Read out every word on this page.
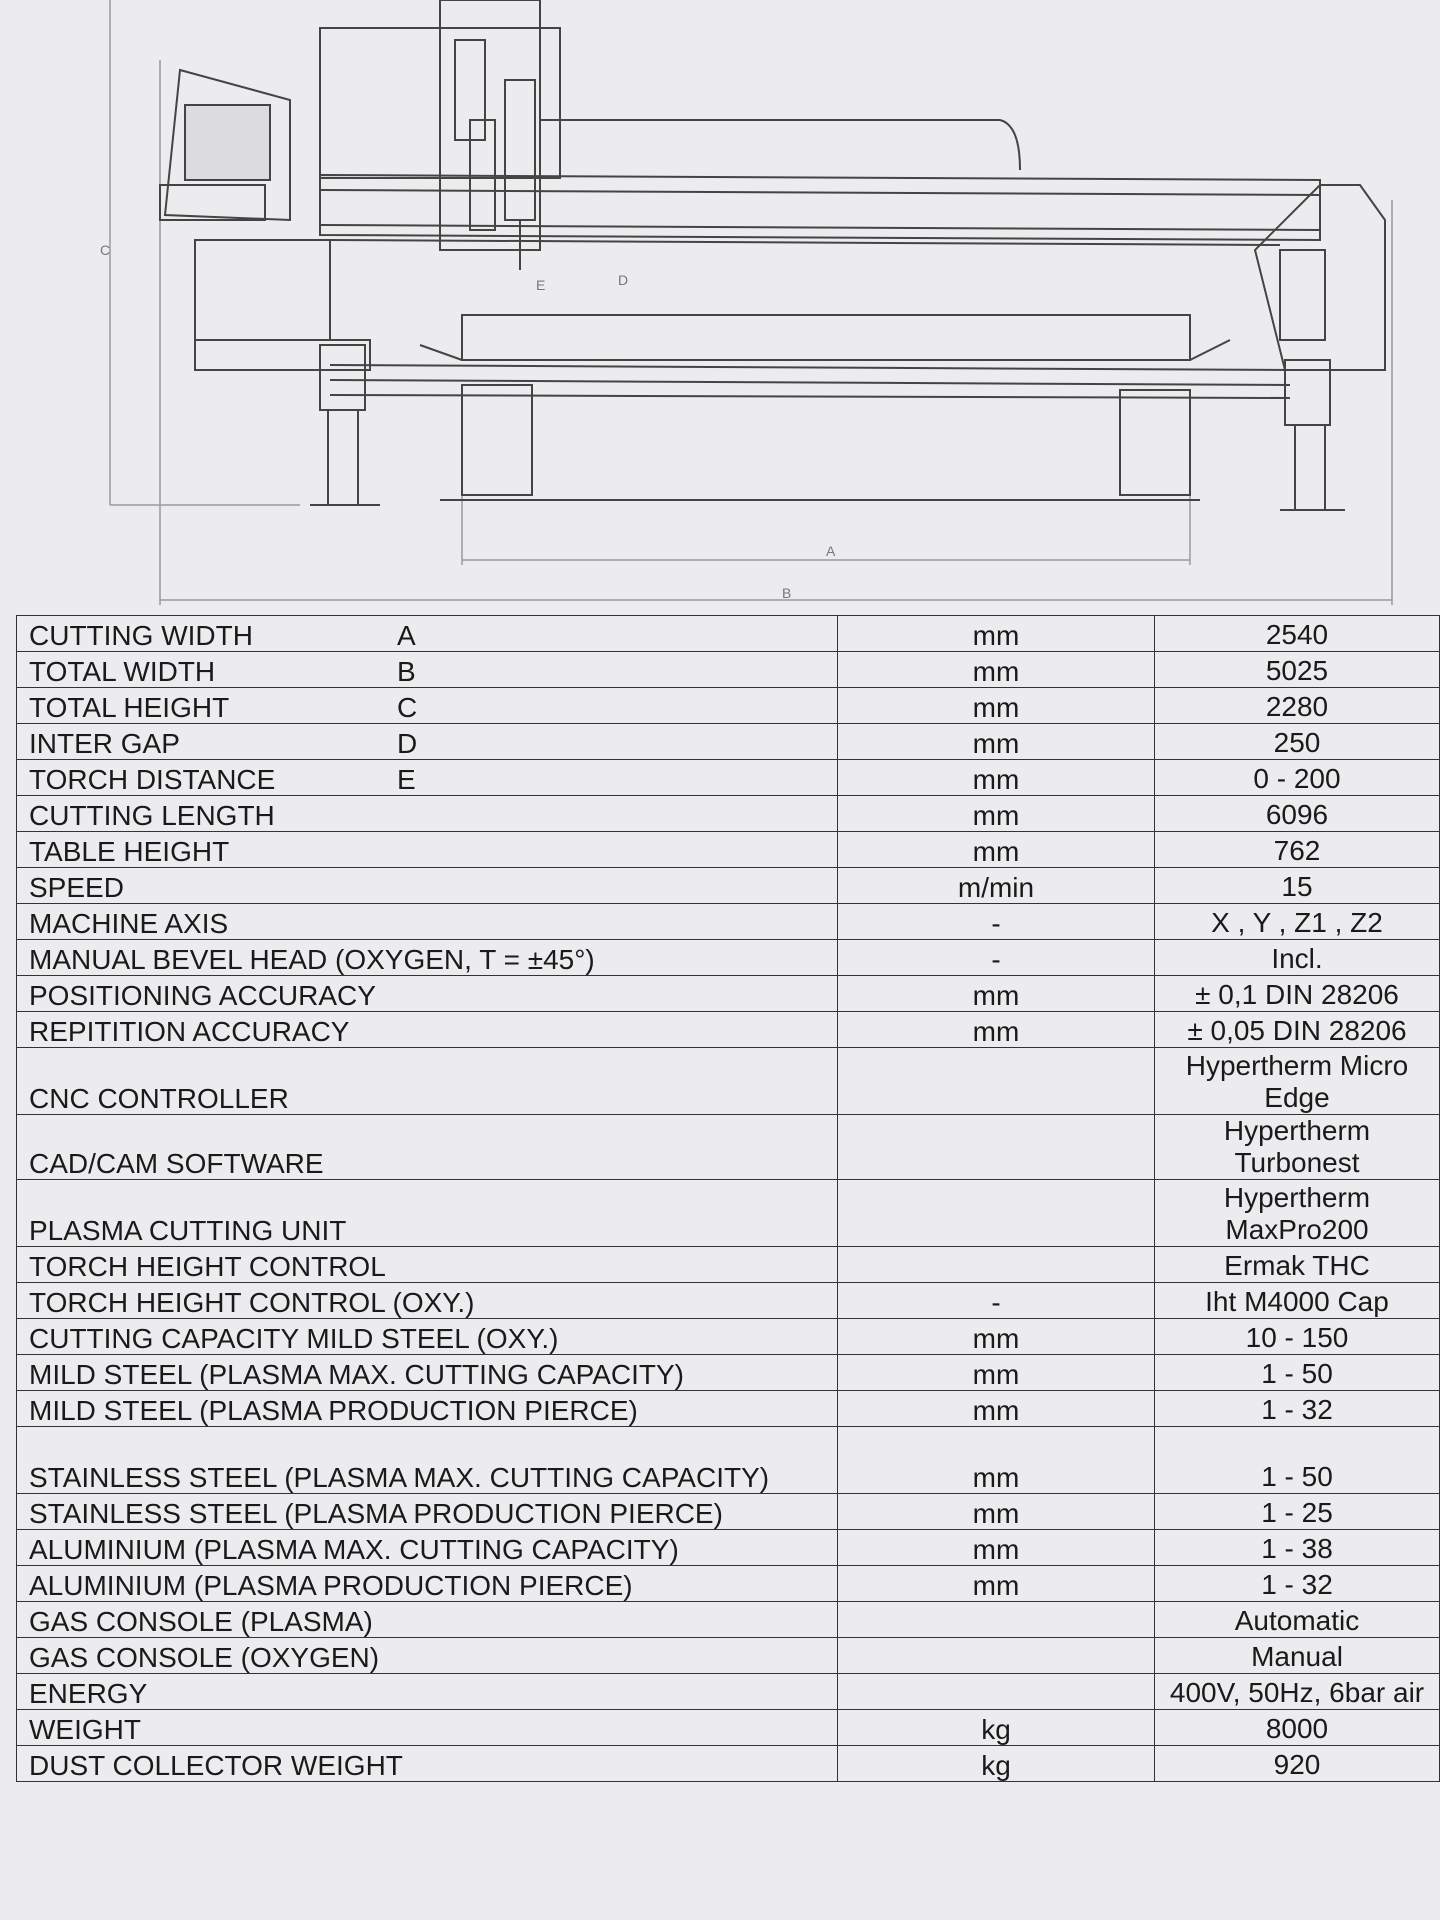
C
E	D
A
B
CUTTING WIDTH A	mm	2540

TOTAL WIDTH B	mm	5025

TOTAL HEIGHT C	mm	2280

INTER GAP D	mm	250

TORCH DISTANCE E	mm	0 - 200

CUTTING LENGTH	mm	6096

TABLE HEIGHT	mm	762

SPEED	m/min	15

MACHINE AXIS	-	X , Y , Z1 , Z2

MANUAL BEVEL HEAD (OXYGEN, T = ±45°)	-	Incl.

POSITIONING ACCURACY	mm	± 0,1 DIN 28206

REPITITION ACCURACY	mm	± 0,05 DIN 28206

CNC CONTROLLER		Hypertherm Micro Edge

CAD/CAM SOFTWARE		Hypertherm Turbonest

PLASMA CUTTING UNIT		Hypertherm MaxPro200

TORCH HEIGHT CONTROL		Ermak THC

TORCH HEIGHT CONTROL (OXY.)	-	Iht M4000 Cap

CUTTING CAPACITY MILD STEEL (OXY.)	mm	10 - 150

MILD STEEL (PLASMA MAX. CUTTING CAPACITY)	mm	1 - 50

MILD STEEL (PLASMA PRODUCTION PIERCE)	mm	1 - 32

STAINLESS STEEL (PLASMA MAX. CUTTING CAPACITY)	mm	1 - 50

STAINLESS STEEL (PLASMA PRODUCTION PIERCE)	mm	1 - 25

ALUMINIUM (PLASMA MAX. CUTTING CAPACITY)	mm	1 - 38

ALUMINIUM (PLASMA PRODUCTION PIERCE)	mm	1 - 32

GAS CONSOLE (PLASMA)		Automatic

GAS CONSOLE (OXYGEN)		Manual

ENERGY		400V, 50Hz, 6bar air

WEIGHT	kg	8000

DUST COLLECTOR WEIGHT	kg	920
